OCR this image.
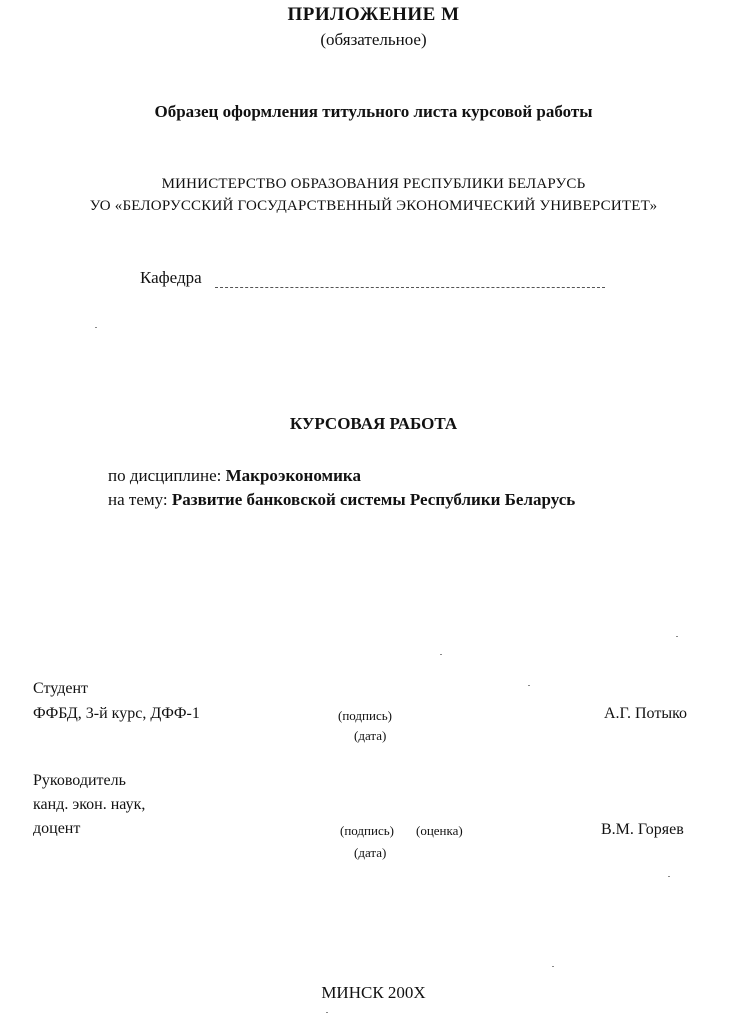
ПРИЛОЖЕНИЕ М
(обязательное)
Образец оформления титульного листа курсовой работы
МИНИСТЕРСТВО ОБРАЗОВАНИЯ РЕСПУБЛИКИ БЕЛАРУСЬ
УО «БЕЛОРУССКИЙ ГОСУДАРСТВЕННЫЙ ЭКОНОМИЧЕСКИЙ УНИВЕРСИТЕТ»
Кафедра
КУРСОВАЯ РАБОТА
по дисциплине: Макроэкономика
на тему: Развитие банковской системы Республики Беларусь
Студент
ФФБД, 3-й курс, ДФФ-1	(подпись)
(дата)
А.Г. Потыко
Руководитель
канд. экон. наук,
доцент	(подпись) (оценка)
(дата)
В.М. Горяев
МИНСК 200Х
